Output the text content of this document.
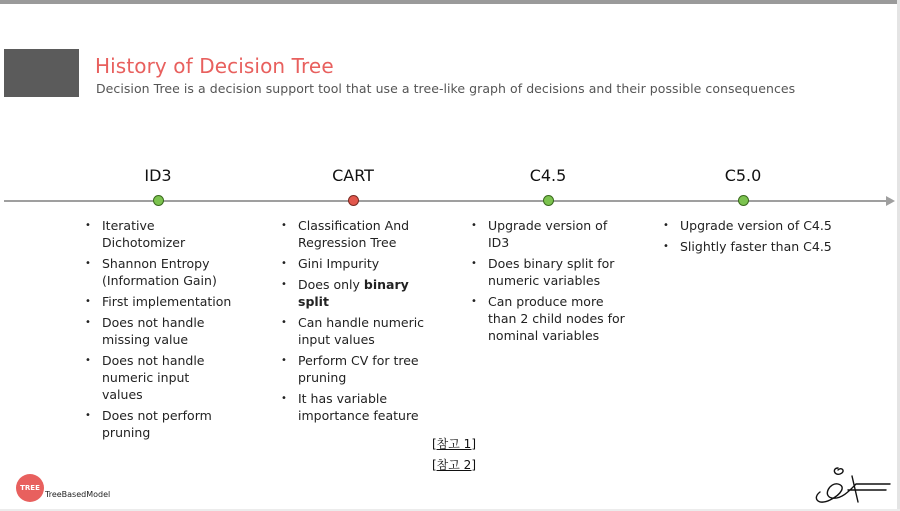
History of Decision Tree
Decision Tree is a decision support tool that use a tree-like graph of decisions and their possible consequences
ID3	CART	C4.5	C5.0
• Iterative Dichotomizer
• Shannon Entropy (Information Gain)
• First implementation
• Does not handle missing value
• Does not handle numeric input values
• Does not perform pruning
• Classification And Regression Tree
• Gini Impurity
• Does only binary split
• Can handle numeric input values
• Perform CV for tree pruning
• It has variable importance feature
• Upgrade version of ID3
• Does binary split for numeric variables
• Can produce more than 2 child nodes for nominal variables
• Upgrade version of C4.5
• Slightly faster than C4.5
[참고 1]
[참고 2]
TREE
TreeBasedModel
